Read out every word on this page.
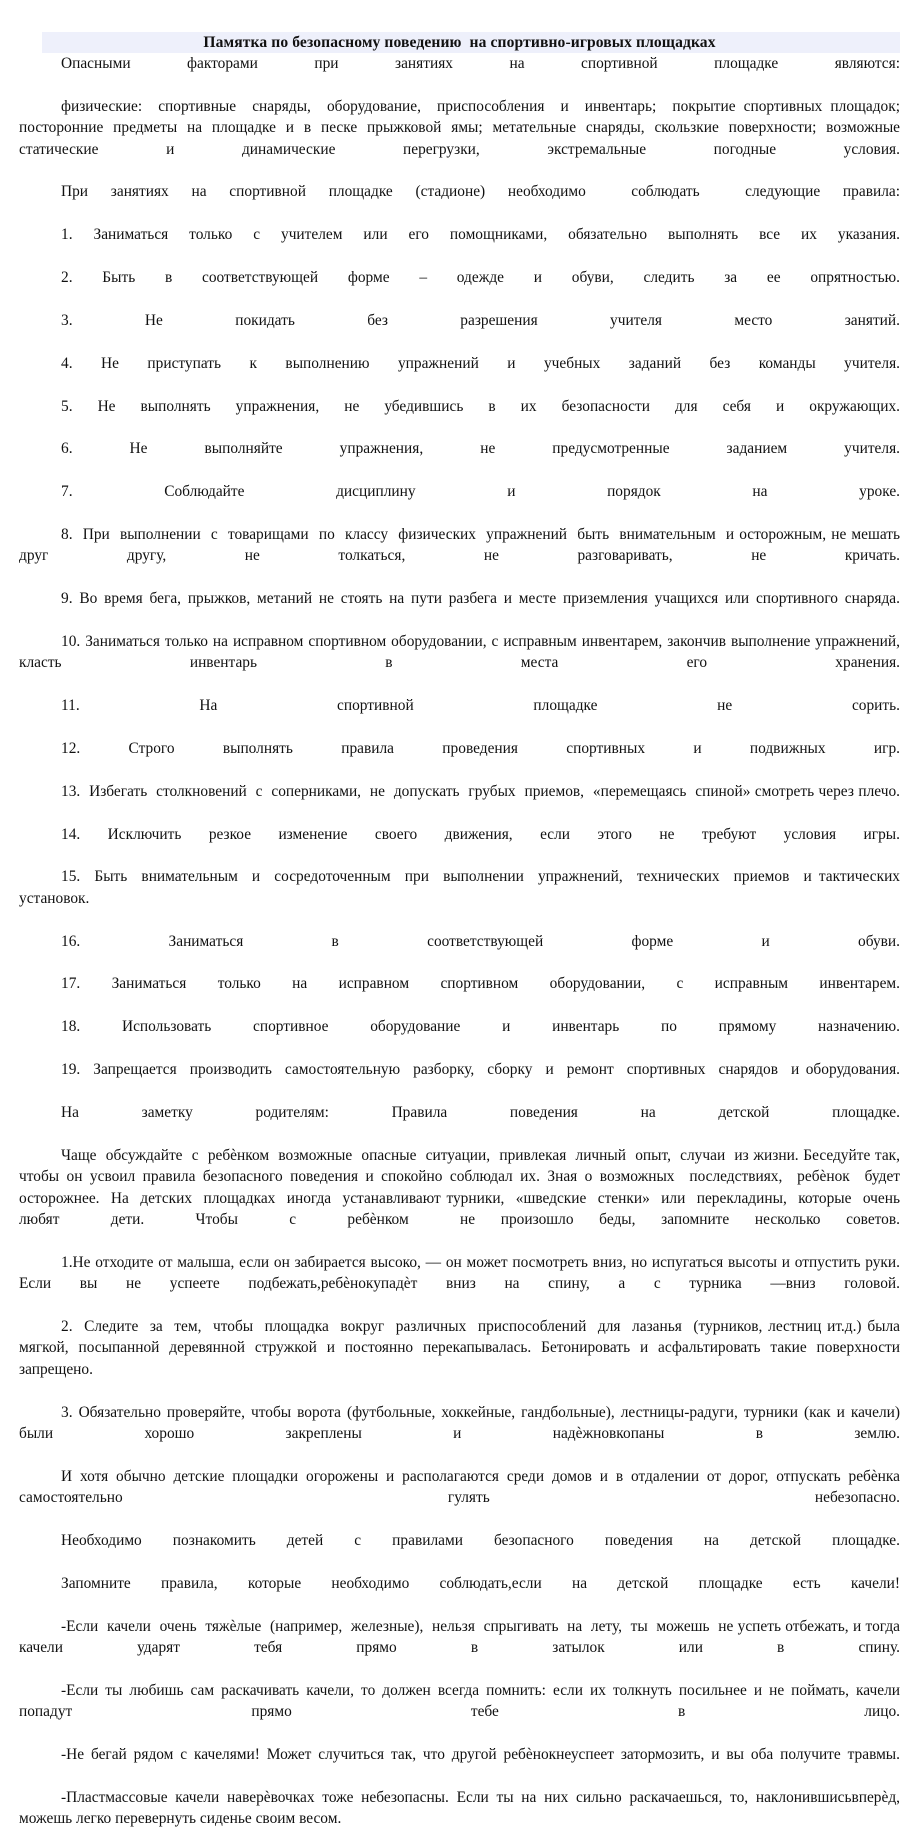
Памятка по безопасному поведению  на спортивно-игровых площадках

Опасными факторами при занятиях на спортивной площадке являются:

физические:  спортивные  снаряды,  оборудование,  приспособления  и  инвентарь;  покрытие спортивных площадок; посторонние предметы на площадке и в песке прыжковой ямы; метательные снаряды, скользкие поверхности; возможные статические и динамические перегрузки, экстремальные погодные условия.

При занятиях на спортивной площадке (стадионе) необходимо  соблюдать  следующие правила:

1. Заниматься только с учителем или его помощниками, обязательно выполнять все их указания.

2. Быть в соответствующей форме – одежде и обуви, следить за ее опрятностью.

3. Не покидать без разрешения учителя место занятий.

4. Не приступать к выполнению упражнений и учебных заданий без команды учителя.

5. Не выполнять упражнения, не убедившись в их безопасности для себя и окружающих.

6. Не выполняйте упражнения, не предусмотренные заданием учителя.

7. Соблюдайте дисциплину и порядок на уроке.

8.  При  выполнении  с  товарищами  по  классу  физических  упражнений  быть  внимательным  и осторожным, не мешать друг другу, не толкаться, не разговаривать, не кричать.

9. Во время бега, прыжков, метаний не стоять на пути разбега и месте приземления учащихся или спортивного снаряда.

10. Заниматься только на исправном спортивном оборудовании, с исправным инвентарем, закончив выполнение упражнений, класть инвентарь в места его хранения.

11. На спортивной площадке не сорить.

12. Строго выполнять правила проведения спортивных и подвижных игр.

13.  Избегать  столкновений  с  соперниками,  не  допускать  грубых  приемов,  «перемещаясь  спиной» смотреть через плечо.

14. Исключить резкое изменение своего движения, если этого не требуют условия игры.

15.  Быть  внимательным  и  сосредоточенным  при  выполнении  упражнений,  технических  приемов  и тактических установок.

16. Заниматься в соответствующей форме и обуви.

17. Заниматься только на исправном спортивном оборудовании, с исправным инвентарем.

18. Использовать спортивное оборудование и инвентарь по прямому назначению.

19.  Запрещается  производить  самостоятельную  разборку,  сборку  и  ремонт  спортивных  снарядов  и оборудования.

На заметку родителям: Правила поведения на детской площадке.

Чаще  обсуждайте  с  ребѐнком  возможные  опасные  ситуации,  привлекая  личный  опыт,  случаи  из жизни. Беседуйте так, чтобы он усвоил правила безопасного поведения и спокойно соблюдал их. Зная о возможных  последствиях,  ребѐнок  будет  осторожнее.  На  детских  площадках  иногда  устанавливают турники,  «шведские  стенки»  или  перекладины,  которые  очень  любят  дети.  Чтобы  с  ребѐнком  не произошло беды, запомните несколько советов.

1.Не отходите от малыша, если он забирается высоко, — он может посмотреть вниз, но испугаться высоты и отпустить руки. Если вы не успеете подбежать,ребѐнокупадѐт вниз на спину, а с турника —вниз головой.

2.  Следите  за  тем,  чтобы  площадка  вокруг  различных  приспособлений  для  лазанья  (турников, лестниц ит.д.) была мягкой, посыпанной деревянной стружкой и постоянно перекапывалась. Бетонировать и асфальтировать такие поверхности запрещено.

3. Обязательно проверяйте, чтобы ворота (футбольные, хоккейные, гандбольные), лестницы-радуги, турники (как и качели) были хорошо закреплены и надѐжновкопаны в землю.

И хотя обычно детские площадки огорожены и располагаются среди домов и в отдалении от дорог, отпускать ребѐнка самостоятельно гулять небезопасно.

Необходимо познакомить детей с правилами безопасного поведения на детской площадке.

Запомните правила, которые необходимо соблюдать,если на детской площадке есть качели!

-Если  качели  очень  тяжѐлые  (например,  железные),  нельзя  спрыгивать  на  лету,  ты  можешь  не успеть отбежать, и тогда качели ударят тебя прямо в затылок или в спину.

-Если ты любишь сам раскачивать качели, то должен всегда помнить: если их толкнуть посильнее и не поймать, качели попадут прямо тебе в лицо.

-Не бегай рядом с качелями! Может случиться так, что другой ребѐнокнеуспеет затормозить, и вы оба получите травмы.

-Пластмассовые качели наверѐвочках тоже небезопасны. Если ты на них сильно раскачаешься, то, наклонившисьвперѐд, можешь легко перевернуть сиденье своим весом.
